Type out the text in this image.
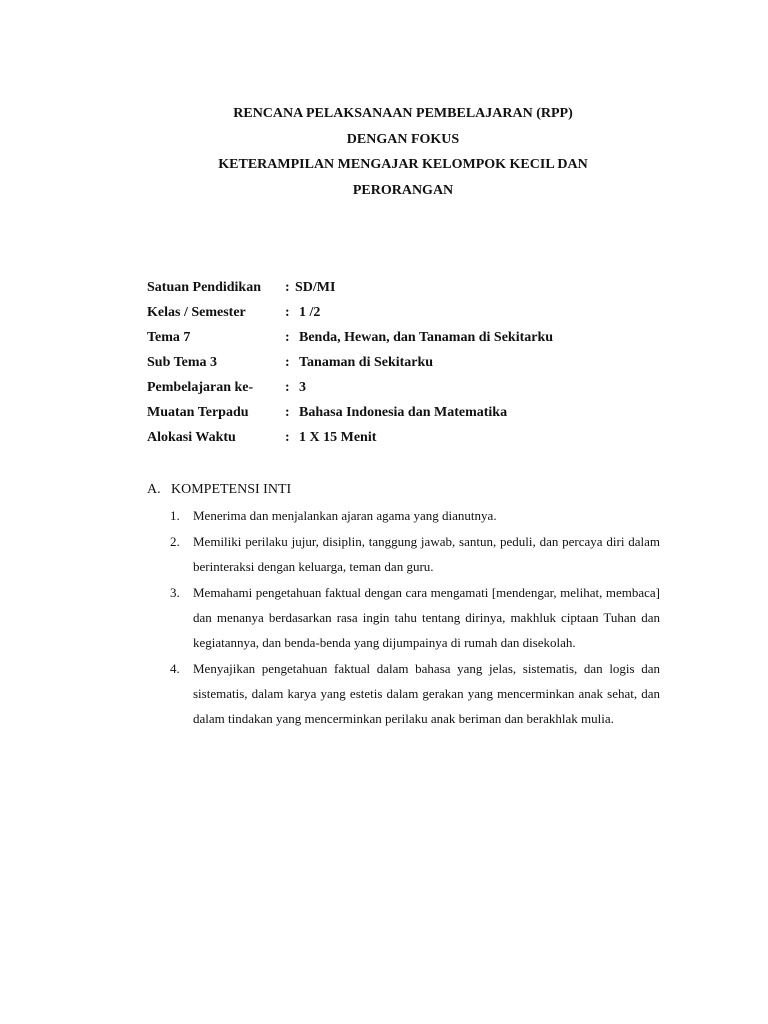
RENCANA PELAKSANAAN PEMBELAJARAN (RPP)
DENGAN FOKUS
KETERAMPILAN MENGAJAR KELOMPOK KECIL DAN
PERORANGAN
Satuan Pendidikan : SD/MI
Kelas / Semester	: 1 /2
Tema 7	: Benda, Hewan, dan Tanaman di Sekitarku
Sub Tema 3	: Tanaman di Sekitarku
Pembelajaran ke- : 3
Muatan Terpadu	: Bahasa Indonesia dan Matematika
Alokasi Waktu	: 1 X 15 Menit
A. KOMPETENSI INTI
1. Menerima dan menjalankan ajaran agama yang dianutnya.
2. Memiliki perilaku jujur, disiplin, tanggung jawab, santun, peduli, dan percaya diri dalam berinteraksi dengan keluarga, teman dan guru.
3. Memahami pengetahuan faktual dengan cara mengamati [mendengar, melihat, membaca] dan menanya berdasarkan rasa ingin tahu tentang dirinya, makhluk ciptaan Tuhan dan kegiatannya, dan benda-benda yang dijumpainya di rumah dan disekolah.
4. Menyajikan pengetahuan faktual dalam bahasa yang jelas, sistematis, dan logis dan sistematis, dalam karya yang estetis dalam gerakan yang mencerminkan anak sehat, dan dalam tindakan yang mencerminkan perilaku anak beriman dan berakhlak mulia.
